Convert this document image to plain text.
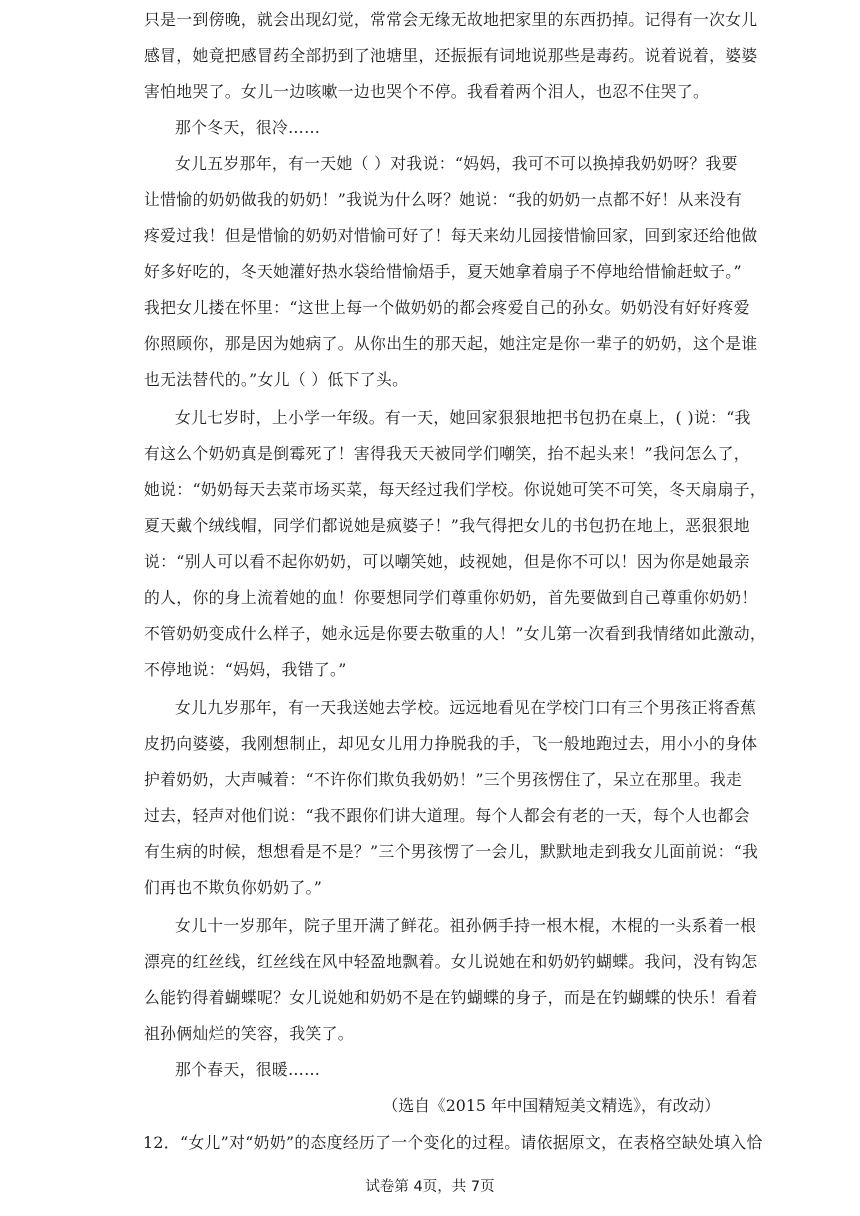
只是一到傍晚，就会出现幻觉，常常会无缘无故地把家里的东西扔掉。记得有一次女儿
感冒，她竟把感冒药全部扔到了池塘里，还振振有词地说那些是毒药。说着说着，婆婆
害怕地哭了。女儿一边咳嗽一边也哭个不停。我看着两个泪人，也忍不住哭了。
那个冬天，很冷……
女儿五岁那年，有一天她（ ）对我说：“妈妈，我可不可以换掉我奶奶呀？我要
让惜愉的奶奶做我的奶奶！”我说为什么呀？她说：“我的奶奶一点都不好！从来没有
疼爱过我！但是惜愉的奶奶对惜愉可好了！每天来幼儿园接惜愉回家，回到家还给他做
好多好吃的，冬天她灌好热水袋给惜愉焐手，夏天她拿着扇子不停地给惜愉赶蚊子。”
我把女儿搂在怀里：“这世上每一个做奶奶的都会疼爱自己的孙女。奶奶没有好好疼爱
你照顾你，那是因为她病了。从你出生的那天起，她注定是你一辈子的奶奶，这个是谁
也无法替代的。”女儿（ ）低下了头。
女儿七岁时，上小学一年级。有一天，她回家狠狠地把书包扔在桌上，( )说：“我
有这么个奶奶真是倒霉死了！害得我天天被同学们嘲笑，抬不起头来！”我问怎么了，
她说：“奶奶每天去菜市场买菜，每天经过我们学校。你说她可笑不可笑，冬天扇扇子，
夏天戴个绒线帽，同学们都说她是疯婆子！”我气得把女儿的书包扔在地上，恶狠狠地
说：“别人可以看不起你奶奶，可以嘲笑她，歧视她，但是你不可以！因为你是她最亲
的人，你的身上流着她的血！你要想同学们尊重你奶奶，首先要做到自己尊重你奶奶！
不管奶奶变成什么样子，她永远是你要去敬重的人！”女儿第一次看到我情绪如此激动，
不停地说：“妈妈，我错了。”
女儿九岁那年，有一天我送她去学校。远远地看见在学校门口有三个男孩正将香蕉
皮扔向婆婆，我刚想制止，却见女儿用力挣脱我的手，飞一般地跑过去，用小小的身体
护着奶奶，大声喊着：“不许你们欺负我奶奶！”三个男孩愣住了，呆立在那里。我走
过去，轻声对他们说：“我不跟你们讲大道理。每个人都会有老的一天，每个人也都会
有生病的时候，想想看是不是？”三个男孩愣了一会儿，默默地走到我女儿面前说：“我
们再也不欺负你奶奶了。”
女儿十一岁那年，院子里开满了鲜花。祖孙俩手持一根木棍，木棍的一头系着一根
漂亮的红丝线，红丝线在风中轻盈地飘着。女儿说她在和奶奶钓蝴蝶。我问，没有钩怎
么能钓得着蝴蝶呢？女儿说她和奶奶不是在钓蝴蝶的身子，而是在钓蝴蝶的快乐！看着
祖孙俩灿烂的笑容，我笑了。
那个春天，很暖……
（选自《2015 年中国精短美文精选》，有改动）
12．“女儿”对“奶奶”的态度经历了一个变化的过程。请依据原文，在表格空缺处填入恰
试卷第 4页，共 7页
